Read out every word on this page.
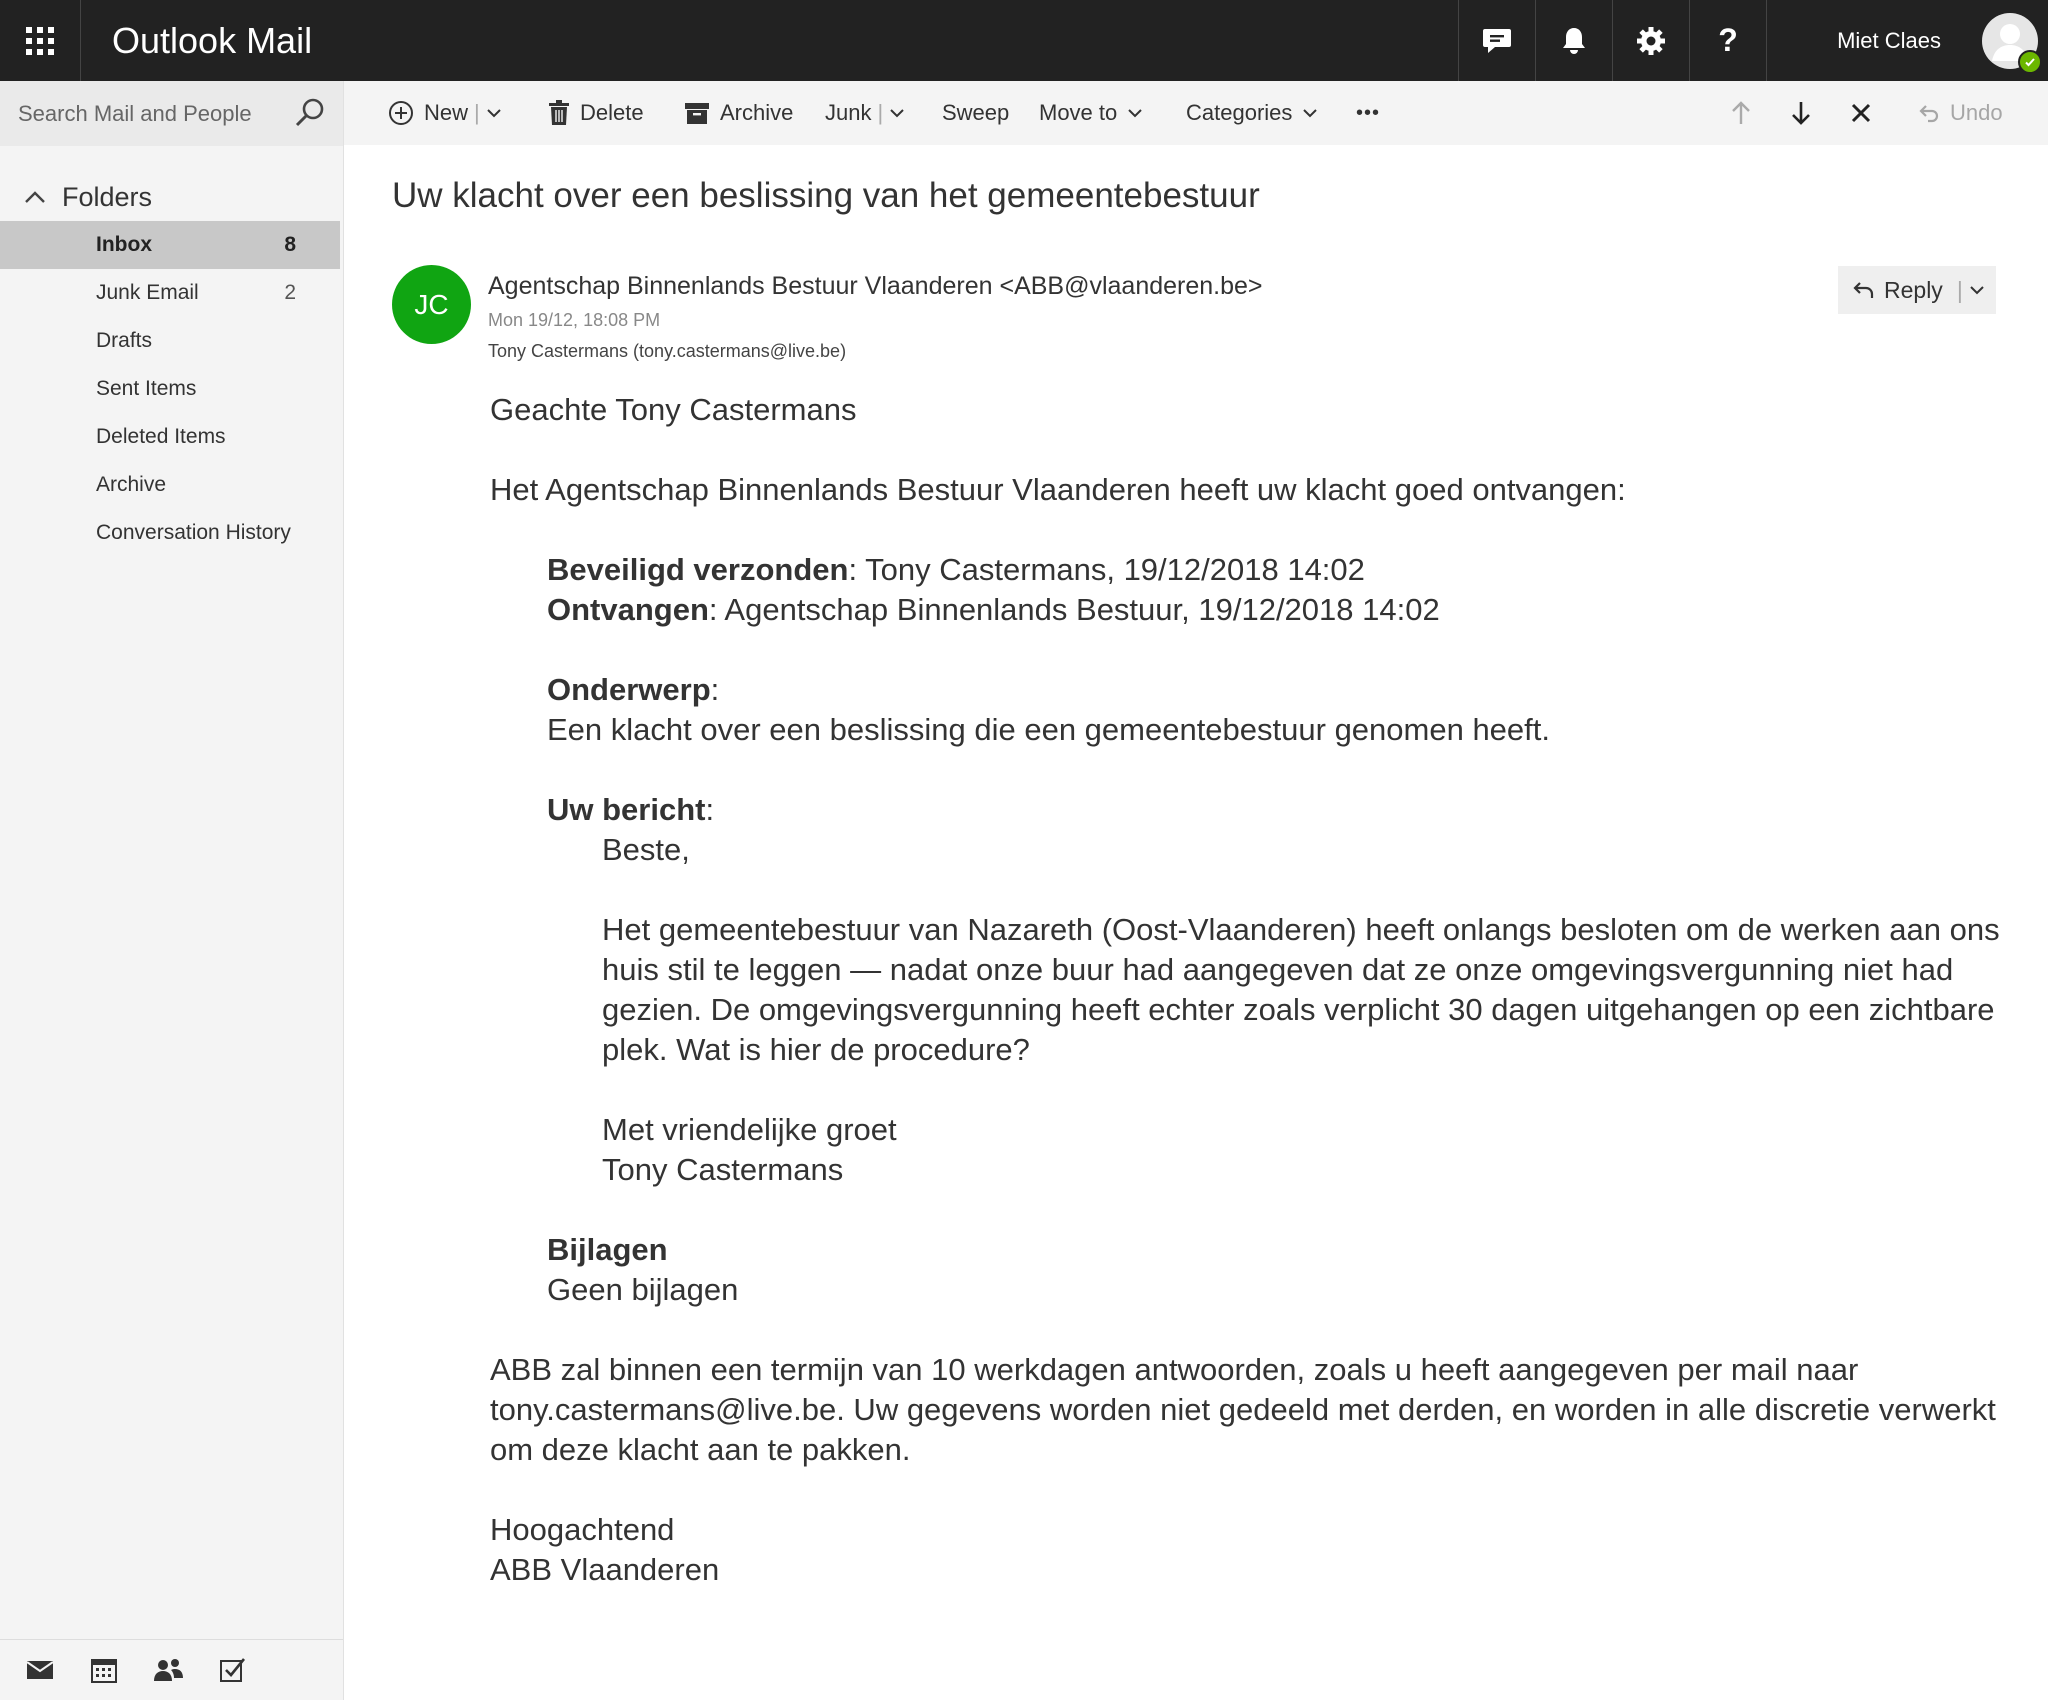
Outlook Mail	?	Miet Claes
Search Mail and People
Folders
Inbox	8
Junk Email	2
Drafts
Sent Items
Deleted Items
Archive
Conversation History
New |	Delete	Archive Junk |	Sweep Move to	Categories	•••	Undo
Uw klacht over een beslissing van het gemeentebestuur
JC
Agentschap Binnenlands Bestuur Vlaanderen <ABB@vlaanderen.be>
Mon 19/12, 18:08 PM
Tony Castermans (tony.castermans@live.be)
Reply |

Geachte Tony Castermans

Het Agentschap Binnenlands Bestuur Vlaanderen heeft uw klacht goed ontvangen:

Beveiligd verzonden: Tony Castermans, 19/12/2018 14:02

Ontvangen: Agentschap Binnenlands Bestuur, 19/12/2018 14:02

Onderwerp:

Een klacht over een beslissing die een gemeentebestuur genomen heeft.

Uw bericht:

Beste,

Het gemeentebestuur van Nazareth (Oost-Vlaanderen) heeft onlangs besloten om de werken aan ons huis stil te leggen — nadat onze buur had aangegeven dat ze onze omgevingsvergunning niet had gezien. De omgevingsvergunning heeft echter zoals verplicht 30 dagen uitgehangen op een zichtbare plek. Wat is hier de procedure?

Met vriendelijke groet

Tony Castermans

Bijlagen

Geen bijlagen

ABB zal binnen een termijn van 10 werkdagen antwoorden, zoals u heeft aangegeven per mail naar tony.castermans@live.be. Uw gegevens worden niet gedeeld met derden, en worden in alle discretie verwerkt om deze klacht aan te pakken.

Hoogachtend

ABB Vlaanderen
